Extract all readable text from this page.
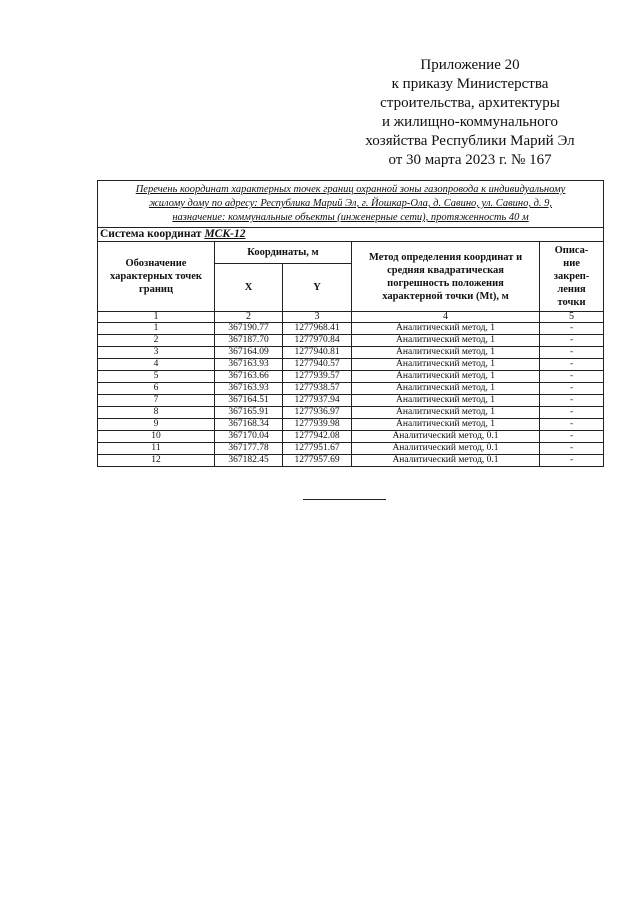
Приложение 20
к приказу Министерства
строительства, архитектуры
и жилищно-коммунального
хозяйства Республики Марий Эл
от 30 марта 2023 г. № 167
Перечень координат характерных точек границ охранной зоны газопровода к индивидуальному
жилому дому по адресу: Республика Марий Эл, г. Йошкар-Ола, д. Савино, ул. Савино, д. 9,
назначение: коммунальные объекты (инженерные сети), протяженность 40 м				

Система координат МСК-12				

Обозначение
характерных точек
границ	Координаты, м		Метод определения координат и
средняя квадратическая
погрешность положения
характерной точки (Mt), м	Описа-
ние
закреп-
ления
точки

	X	Y		
1	2	3	4	5
1	367190.77	1277968.41	Аналитический метод, 1	-
2	367187.70	1277970.84	Аналитический метод, 1	-
3	367164.09	1277940.81	Аналитический метод, 1	-
4	367163.93	1277940.57	Аналитический метод, 1	-
5	367163.66	1277939.57	Аналитический метод, 1	-
6	367163.93	1277938.57	Аналитический метод, 1	-
7	367164.51	1277937.94	Аналитический метод, 1	-
8	367165.91	1277936.97	Аналитический метод, 1	-
9	367168.34	1277939.98	Аналитический метод, 1	-
10	367170.04	1277942.08	Аналитический метод, 0.1	-
11	367177.78	1277951.67	Аналитический метод, 0.1	-
12	367182.45	1277957.69	Аналитический метод, 0.1	-
